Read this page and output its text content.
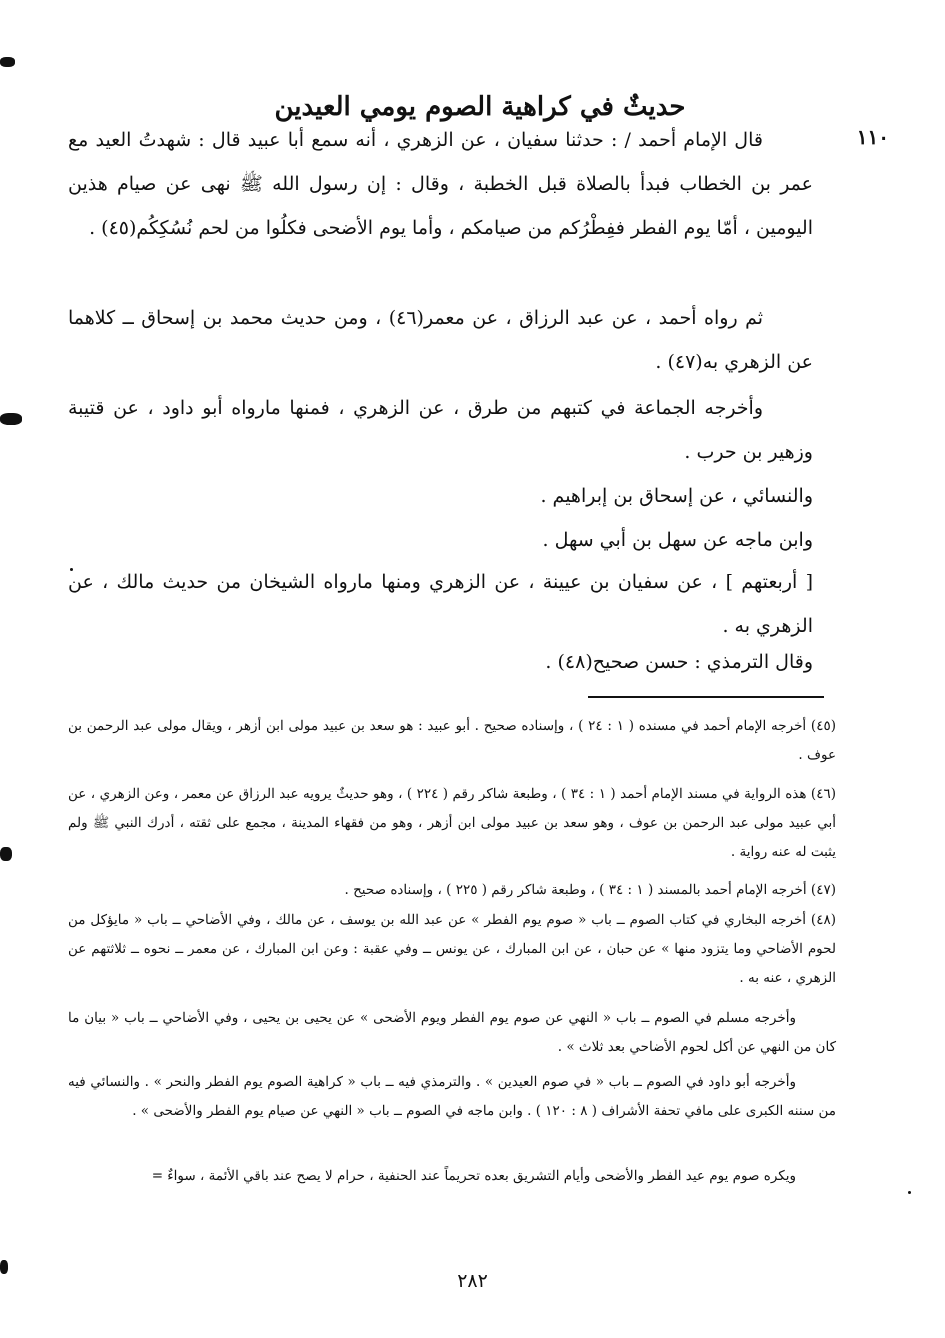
حديثٌ في كراهية الصوم يومي العيدين
١١٠

قال الإمام أحمد / : حدثنا سفيان ، عن الزهري ، أنه سمع أبا عبيد قال : شهدتُ العيد مع عمر بن الخطاب فبدأ بالصلاة قبل الخطبة ، وقال : إن رسول الله ﷺ نهى عن صيام هذين اليومين ، أمّا يوم الفطر ففِطْرُكم من صيامكم ، وأما يوم الأضحى فكلُوا من لحم نُسُكِكُم(٤٥) .

ثم رواه أحمد ، عن عبد الرزاق ، عن معمر(٤٦) ، ومن حديث محمد بن إسحاق ــ كلاهما عن الزهري به(٤٧) .

وأخرجه الجماعة في كتبهم من طرق ، عن الزهري ، فمنها مارواه أبو داود ، عن قتيبة وزهير بن حرب .

والنسائي ، عن إسحاق بن إبراهيم .

وابن ماجه عن سهل بن أبي سهل .

[ أربعتهم ] ، عن سفيان بن عيينة ، عن الزهري ومنها مارواه الشيخان من حديث مالك ، عن الزهري به .

وقال الترمذي : حسن صحيح(٤٨) .

(٤٥) أخرجه الإمام أحمد في مسنده ( ١ : ٢٤ ) ، وإسناده صحيح . أبو عبيد : هو سعد بن عبيد مولى ابن أزهر ، ويقال مولى عبد الرحمن بن عوف .

(٤٦) هذه الرواية في مسند الإمام أحمد ( ١ : ٣٤ ) ، وطبعة شاكر رقم ( ٢٢٤ ) ، وهو حديثٌ يرويه عبد الرزاق عن معمر ، وعن الزهري ، عن أبي عبيد مولى عبد الرحمن بن عوف ، وهو سعد بن عبيد مولى ابن أزهر ، وهو من فقهاء المدينة ، مجمع على ثقته ، أدرك النبي ﷺ ولم يثبت له عنه رواية .

(٤٧) أخرجه الإمام أحمد بالمسند ( ١ : ٣٤ ) ، وطبعة شاكر رقم ( ٢٢٥ ) ، وإسناده صحيح .

(٤٨) أخرجه البخاري في كتاب الصوم ــ باب « صوم يوم الفطر » عن عبد الله بن يوسف ، عن مالك ، وفي الأضاحي ــ باب « مايؤكل من لحوم الأضاحي وما يتزود منها » عن حبان ، عن ابن المبارك ، عن يونس ــ وفي عقبة : وعن ابن المبارك ، عن معمر ــ نحوه ــ ثلاثتهم عن الزهري ، عنه به .

وأخرجه مسلم في الصوم ــ باب « النهي عن صوم يوم الفطر ويوم الأضحى » عن يحيى بن يحيى ، وفي الأضاحي ــ باب « بيان ما كان من النهي عن أكل لحوم الأضاحي بعد ثلاث » .

وأخرجه أبو داود في الصوم ــ باب « في صوم العيدين » . والترمذي فيه ــ باب « كراهية الصوم يوم الفطر والنحر » . والنسائي فيه من سننه الكبرى على مافي تحفة الأشراف ( ٨ : ١٢٠ ) . وابن ماجه في الصوم ــ باب « النهي عن صيام يوم الفطر والأضحى » .

ويكره صوم يوم عيد الفطر والأضحى وأيام التشريق بعده تحريماً عند الحنفية ، حرام لا يصح عند باقي الأئمة ، سواءٌ =

٢٨٢
